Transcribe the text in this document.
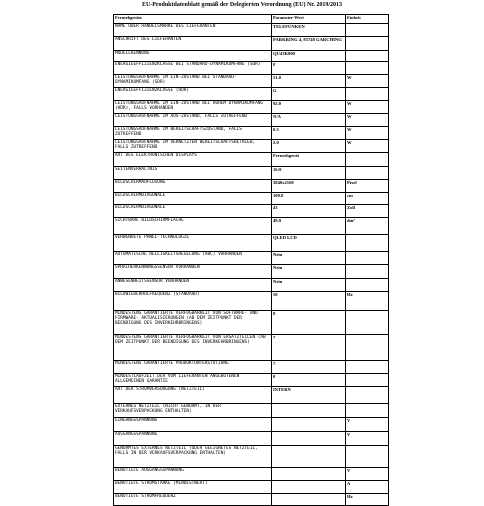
EU-Produktdatenblatt gemäß der Delegierten Verordnung (EU) Nr. 2019/2013
Fernsehgeräte	Parameter-Wert	Einheit
NAME ODER HANDELSMARKE DES LIEFERANTEN	TELEFUNKEN	
ANSCHRIFT DES LIEFERANTEN	PARKRING 4, 85748 GARCHING	
MODELLKENNUNG	QU43K800	
ENERGIEEFFIZIENZKLASSE BEI STANDARD-DYNAMIKUMFANG (SDR)	F	
LEISTUNGSAUFNAHME IM EIN-ZUSTAND BEI STANDARD- DYNAMIKUMFANG (SDR)	51.0	W
ENERGIEEFFIZIENZKLASSE (HDR)	G	
LEISTUNGSAUFNAHME IM EIN-ZUSTAND BEI HOHEM DYNAMIKUMFANG (HDR), FALLS VORHANDEN	92.0	W
LEISTUNGSAUFNAHME IM AUS-ZUSTAND, FALLS ZUTREFFEND	N/A	W
LEISTUNGSAUFNAHME IM BEREITSCHAFTSZUSTAND, FALLS ZUTREFFEND	0.5	W
LEISTUNGSAUFNAHME IM VERNETZTEN BEREITSCHAFTSBETRIEB, FALLS ZUTREFFEND	2.0	W
ART DES ELEKTRONISCHEN DISPLAYS	Fernsehgerät	
SEITENVERHÄLTNIS	16:9	
BILDSCHIRMAUFLÖSUNG	3840x2160	Pixel
BILDSCHIRMDIAGONALE	108.0	cm
BILDSCHIRMDIAGONALE	43	Zoll
SICHTBARE BILDSCHIRMFLÄCHE	49.9	dm²
VERWENDETE PANEL-TECHNOLOGIE	QLED LCD	
AUTOMATISCHE HELLIGKEITSREGELUNG (ABC) VORHANDEN	Nein	
SPRACHERKENNUNGSSENSOR VORHANDEN	Nein	
ANWESENHEITSSENSOR VORHANDEN	Nein	
BILDWIEDERHOLFREQUENZ (STANDARD)	50	Hz
MINDESTENS GARANTIERTE VERFÜGBARKEIT VON SOFTWARE- UND FIRMWARE- AKTUALISIERUNGEN (AB DEM ZEITPUNKT DER BEENDIGUNG DES INVERKEHRBRINGENS)	8	
MINDESTENS GARANTIERTE VERFÜGBARKEIT VON ERSATZTEILEN (AB DEM ZEITPUNKT DER BEENDIGUNG DES INVERKEHRBRINGENS)	7	
MINDESTENS GARANTIERTE PRODUKTUNTERSTÜTZUNG	7	
MINDESTLAUFZEIT DER VOM LIEFERANTEN ANGEBOTENEN ALLGEMEINEN GARANTIE	0	
ART DER STROMVERSORGUNG (NETZTEIL)	INTERN	
EXTERNES NETZTEIL (NICHT GENORMT, IN DER VERKAUFSVERPACKUNG ENTHALTEN)		
EINGANGSSPANNUNG		V
AUSGANGSSPANNUNG		V
GENORMTES EXTERNES NETZTEIL (ODER GEEIGNETES NETZTEIL, FALLS IN DER VERKAUFSVERPACKUNG ENTHALTEN)		
BENÖTIGTE AUSGANGSSPANNUNG		V
BENÖTIGTE STROMSTÄRKE (MINDESTWERT)		A
BENÖTIGTE STROMFREQUENZ		Hz
